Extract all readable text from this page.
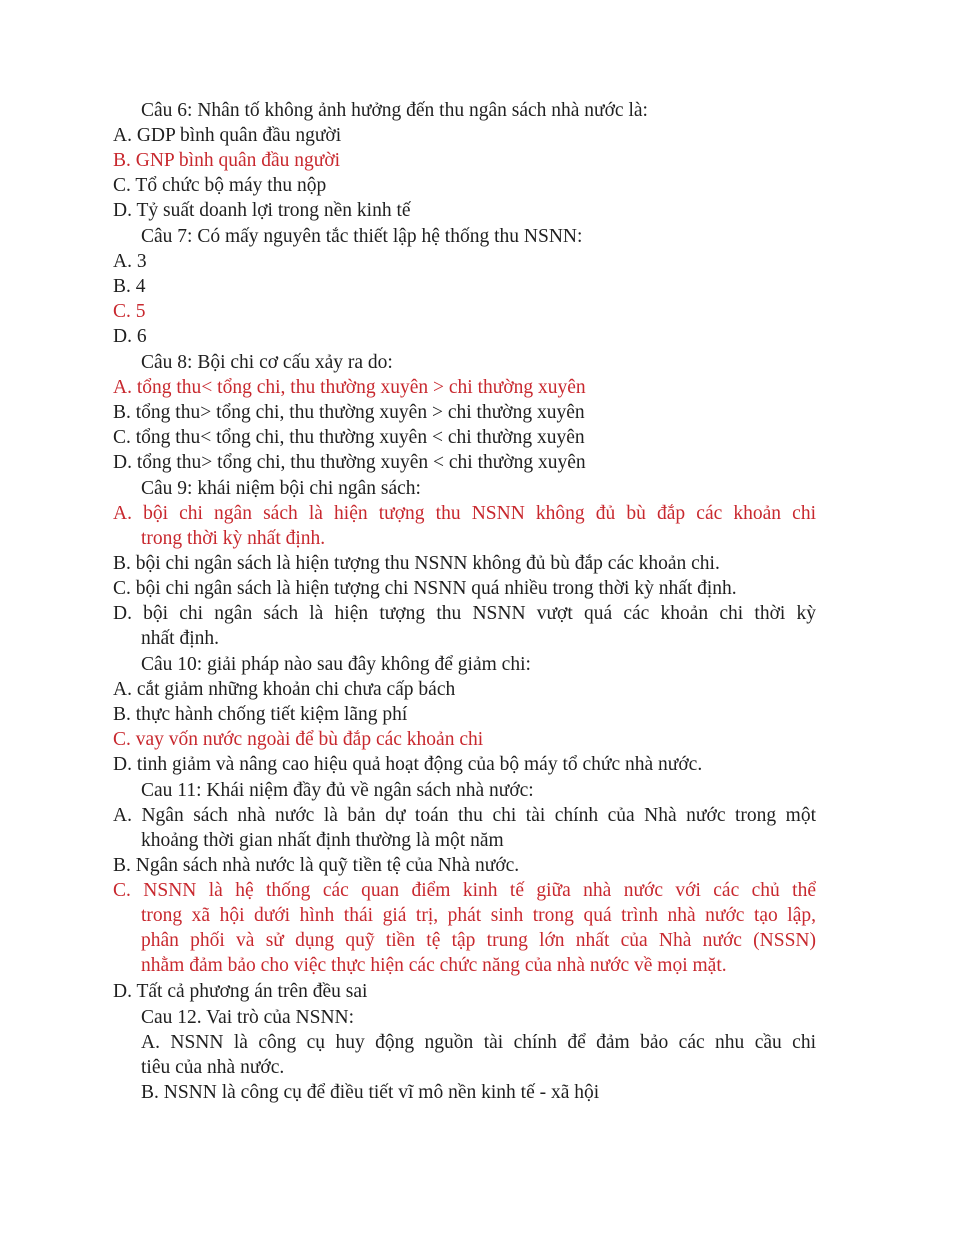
Câu 6: Nhân tố không ảnh hưởng đến thu ngân sách nhà nước là:
A. GDP bình quân đầu người
B. GNP bình quân đầu người
C. Tổ chức bộ máy thu nộp
D. Tỷ suất doanh lợi trong nền kinh tế
Câu 7: Có mấy nguyên tắc thiết lập hệ thống thu NSNN:
A. 3
B. 4
C. 5
D. 6
Câu 8: Bội chi cơ cấu xảy ra do:
A. tổng thu< tổng chi, thu thường xuyên > chi thường xuyên
B. tổng thu> tổng chi, thu thường xuyên > chi thường xuyên
C. tổng thu< tổng chi, thu thường xuyên < chi thường xuyên
D. tổng thu> tổng chi, thu thường xuyên < chi thường xuyên
Câu 9: khái niệm bội chi ngân sách:
A. bội chi ngân sách là hiện tượng thu NSNN không đủ bù đắp các khoản chi
trong thời kỳ nhất định.
B. bội chi ngân sách là hiện tượng thu NSNN không đủ bù đắp các khoản chi.
C. bội chi ngân sách là hiện tượng chi NSNN quá nhiều trong thời kỳ nhất định.
D. bội chi ngân sách là hiện tượng thu NSNN vượt quá các khoản chi thời kỳ
nhất định.
Câu 10: giải pháp nào sau đây không để giảm chi:
A. cắt giảm những khoản chi chưa cấp bách
B. thực hành chống tiết kiệm lãng phí
C. vay vốn nước ngoài để bù đắp các khoản chi
D. tinh giảm và nâng cao hiệu quả hoạt động của bộ máy tổ chức nhà nước.
Cau 11: Khái niệm đầy đủ về ngân sách nhà nước:
A. Ngân sách nhà nước là bản dự toán thu chi tài chính của Nhà nước trong một
khoảng thời gian nhất định thường là một năm
B. Ngân sách nhà nước là quỹ tiền tệ của Nhà nước.
C. NSNN là hệ thống các quan điểm kinh tế giữa nhà nước với các chủ thể
trong xã hội dưới hình thái giá trị, phát sinh trong quá trình nhà nước tạo lập,
phân phối và sử dụng quỹ tiền tệ tập trung lớn nhất của Nhà nước (NSSN)
nhằm đảm bảo cho việc thực hiện các chức năng của nhà nước về mọi mặt.
D. Tất cả phương án trên đều sai
Cau 12. Vai trò của NSNN:
A. NSNN là công cụ huy động nguồn tài chính để đảm bảo các nhu cầu chi
tiêu của nhà nước.
B. NSNN là công cụ để điều tiết vĩ mô nền kinh tế - xã hội
